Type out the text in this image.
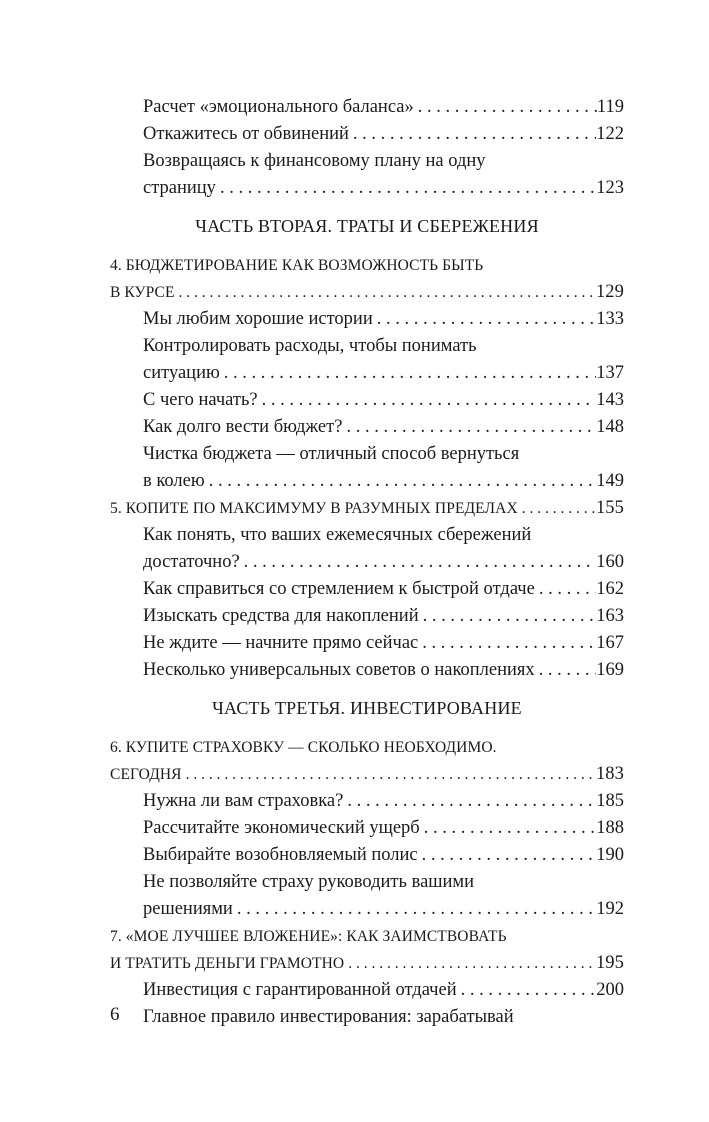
Расчет «эмоционального баланса» . . .	119
Откажитесь от обвинений . . .	122
Возвращаясь к финансовому плану на одну
страницу . . .	123
ЧАСТЬ ВТОРАЯ. ТРАТЫ И СБЕРЕЖЕНИЯ
4. БЮДЖЕТИРОВАНИЕ КАК ВОЗМОЖНОСТЬ БЫТЬ
В КУРСЕ . . .	129
Мы любим хорошие истории . . .	133
Контролировать расходы, чтобы понимать
ситуацию . . .	137
С чего начать? . . .	143
Как долго вести бюджет? . . .	148
Чистка бюджета — отличный способ вернуться
в колею . . .	149
5. КОПИТЕ ПО МАКСИМУМУ В РАЗУМНЫХ ПРЕДЕЛАХ . . .	155
Как понять, что ваших ежемесячных сбережений
достаточно? . . .	160
Как справиться со стремлением к быстрой отдаче . . .	162
Изыскать средства для накоплений . . .	163
Не ждите — начните прямо сейчас . . .	167
Несколько универсальных советов о накоплениях . . .	169
ЧАСТЬ ТРЕТЬЯ. ИНВЕСТИРОВАНИЕ
6. КУПИТЕ СТРАХОВКУ — СКОЛЬКО НЕОБХОДИМО.
СЕГОДНЯ . . .	183
Нужна ли вам страховка? . . .	185
Рассчитайте экономический ущерб . . .	188
Выбирайте возобновляемый полис . . .	190
Не позволяйте страху руководить вашими
решениями . . .	192
7. «МОЕ ЛУЧШЕЕ ВЛОЖЕНИЕ»: КАК ЗАИМСТВОВАТЬ
И ТРАТИТЬ ДЕНЬГИ ГРАМОТНО . . .	195
Инвестиция с гарантированной отдачей . . .	200
Главное правило инвестирования: зарабатывай
6
